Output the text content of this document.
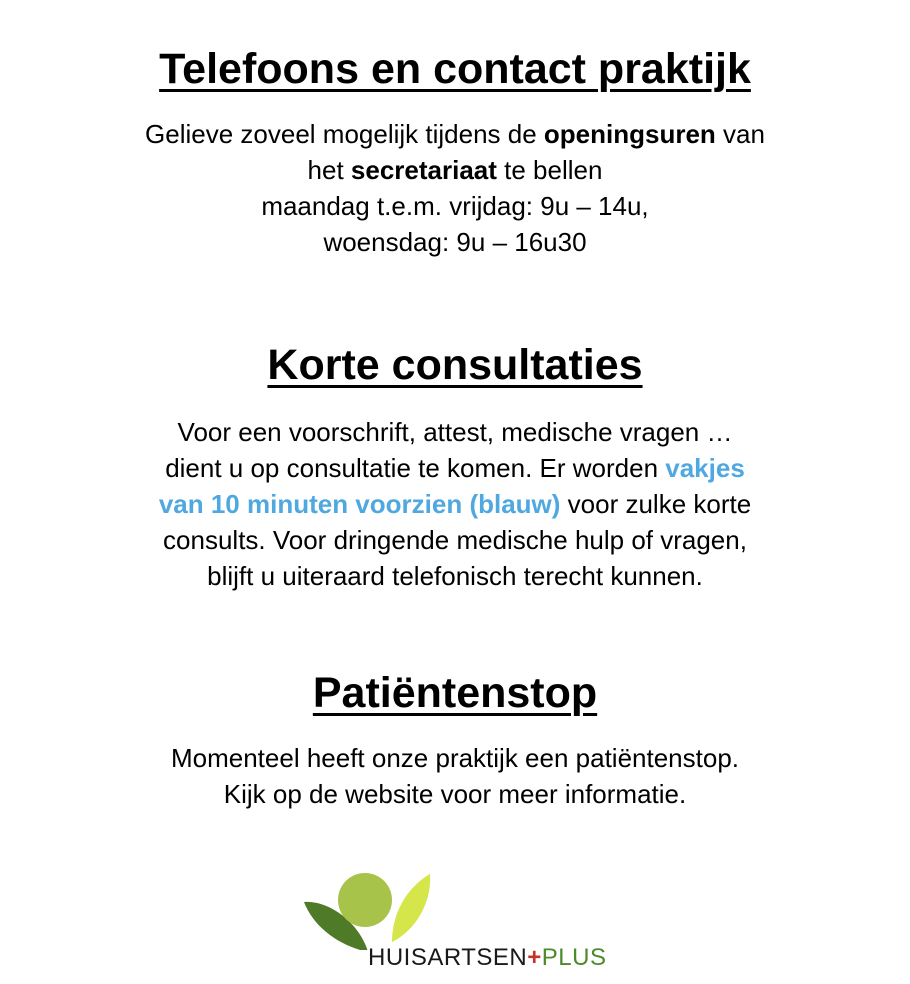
Telefoons en contact praktijk

Gelieve zoveel mogelijk tijdens de openingsuren van
het secretariaat te bellen
maandag t.e.m. vrijdag: 9u – 14u,
woensdag: 9u – 16u30

Korte consultaties

Voor een voorschrift, attest, medische vragen …
dient u op consultatie te komen. Er worden vakjes
van 10 minuten voorzien (blauw) voor zulke korte
consults. Voor dringende medische hulp of vragen,
blijft u uiteraard telefonisch terecht kunnen.

Patiëntenstop

Momenteel heeft onze praktijk een patiëntenstop.
Kijk op de website voor meer informatie.

HUISARTSEN+PLUS
